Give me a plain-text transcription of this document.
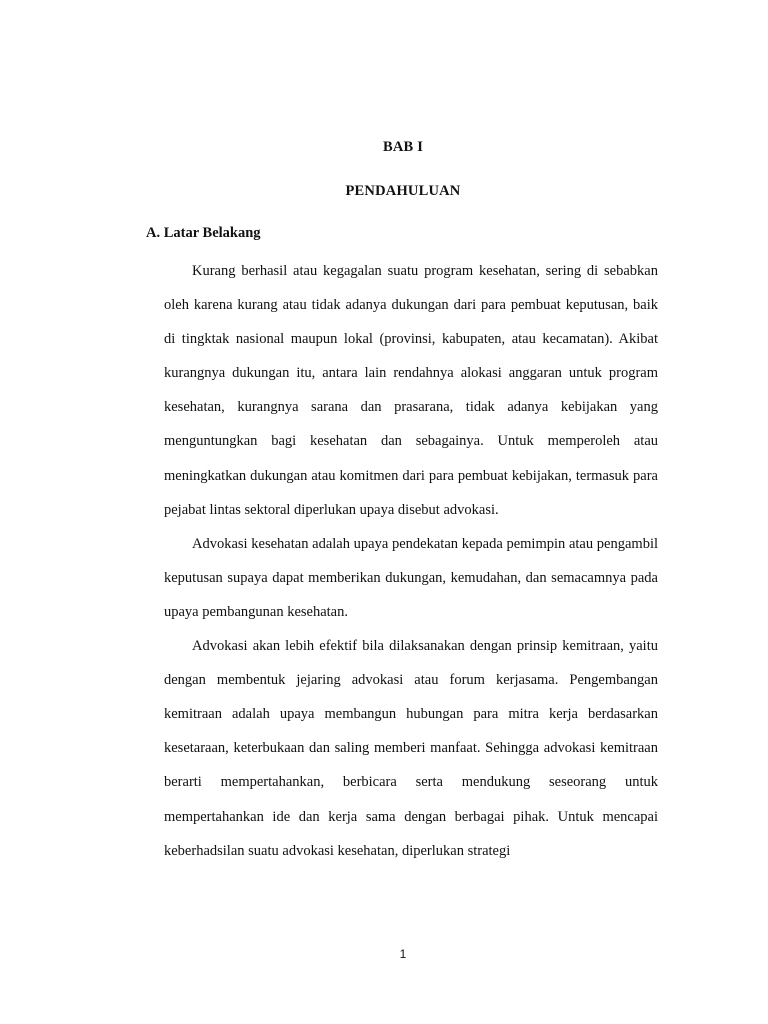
BAB I
PENDAHULUAN
A. Latar Belakang

Kurang berhasil atau kegagalan suatu program kesehatan, sering di sebabkan oleh karena kurang atau tidak adanya dukungan dari para pembuat keputusan, baik di tingktak nasional maupun lokal (provinsi, kabupaten, atau kecamatan). Akibat kurangnya dukungan itu, antara lain rendahnya alokasi anggaran untuk program kesehatan, kurangnya sarana dan prasarana, tidak adanya kebijakan yang menguntungkan bagi kesehatan dan sebagainya. Untuk memperoleh atau meningkatkan dukungan atau komitmen dari para pembuat kebijakan, termasuk para pejabat lintas sektoral diperlukan upaya disebut advokasi.

Advokasi kesehatan adalah upaya pendekatan kepada pemimpin atau pengambil keputusan supaya dapat memberikan dukungan, kemudahan, dan semacamnya pada upaya pembangunan kesehatan.

Advokasi akan lebih efektif bila dilaksanakan dengan prinsip kemitraan, yaitu dengan membentuk jejaring advokasi atau forum kerjasama. Pengembangan kemitraan adalah upaya membangun hubungan para mitra kerja berdasarkan kesetaraan, keterbukaan dan saling memberi manfaat. Sehingga advokasi kemitraan berarti mempertahankan, berbicara serta mendukung seseorang untuk mempertahankan ide dan kerja sama dengan berbagai pihak. Untuk mencapai keberhadsilan suatu advokasi kesehatan, diperlukan strategi

1
